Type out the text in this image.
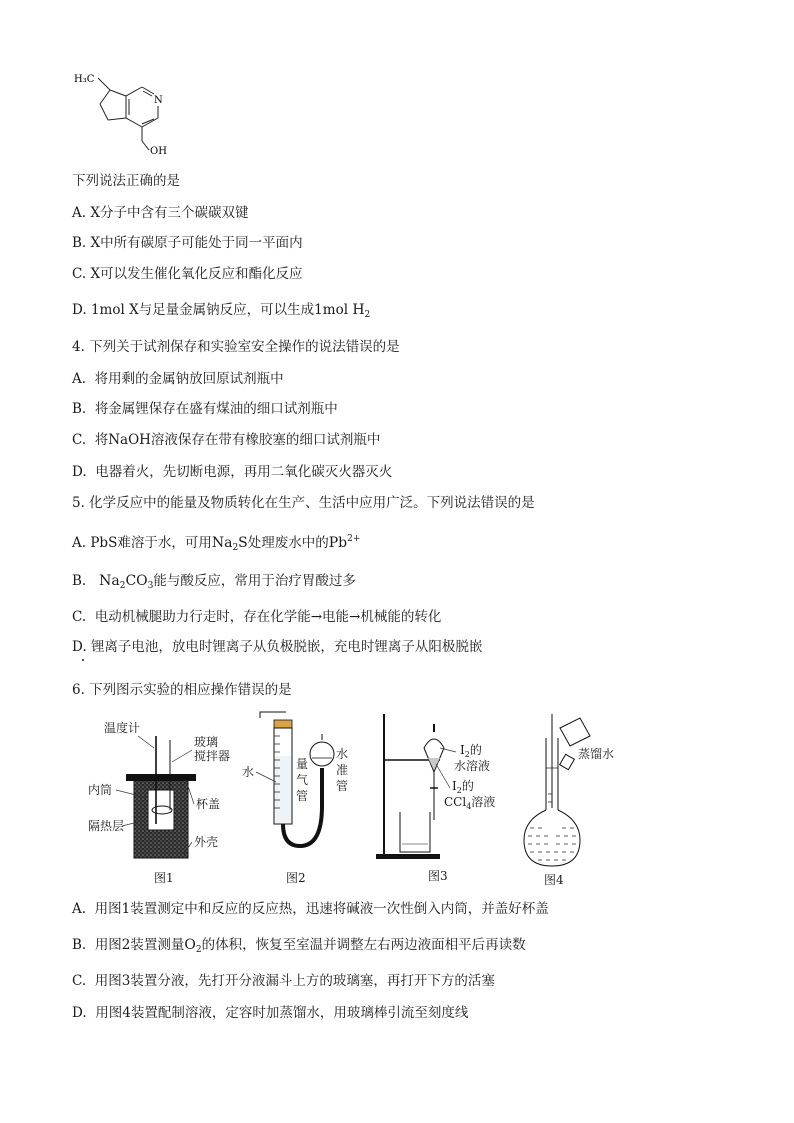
H₃C
N
OH
下列说法正确的是
A. X分子中含有三个碳碳双键
B. X中所有碳原子可能处于同一平面内
C. X可以发生催化氧化反应和酯化反应
D. 1mol X与足量金属钠反应，可以生成1mol $H_2$
4. 下列关于试剂保存和实验室安全操作的说法错误的是
A. 将用剩的金属钠放回原试剂瓶中
B. 将金属锂保存在盛有煤油的细口试剂瓶中
C. 将NaOH溶液保存在带有橡胶塞的细口试剂瓶中
D. 电器着火，先切断电源，再用二氧化碳灭火器灭火
5. 化学反应中的能量及物质转化在生产、生活中应用广泛。下列说法错误的是
A. PbS难溶于水，可用$Na_2S$处理废水中的$Pb^{2+}$
B. $Na_2CO_3$能与酸反应，常用于治疗胃酸过多
C. 电动机械腿助力行走时，存在化学能→电能→机械能的转化
D. 锂离子电池，放电时锂离子从负极脱嵌，充电时锂离子从阳极脱嵌
6. 下列图示实验的相应操作错误的是
温度计
玻璃
搅拌器
内筒
杯盖
隔热层
外壳
图1
水
量
气
管
水
准
管
图2
$I_2$的
水溶液
$I_2$的
CCl$_4$溶液
图3
蒸馏水
图4
A. 用图1装置测定中和反应的反应热，迅速将碱液一次性倒入内筒，并盖好杯盖
B. 用图2装置测量$O_2$的体积，恢复至室温并调整左右两边液面相平后再读数
C. 用图3装置分液，先打开分液漏斗上方的玻璃塞，再打开下方的活塞
D. 用图4装置配制溶液，定容时加蒸馏水，用玻璃棒引流至刻度线
